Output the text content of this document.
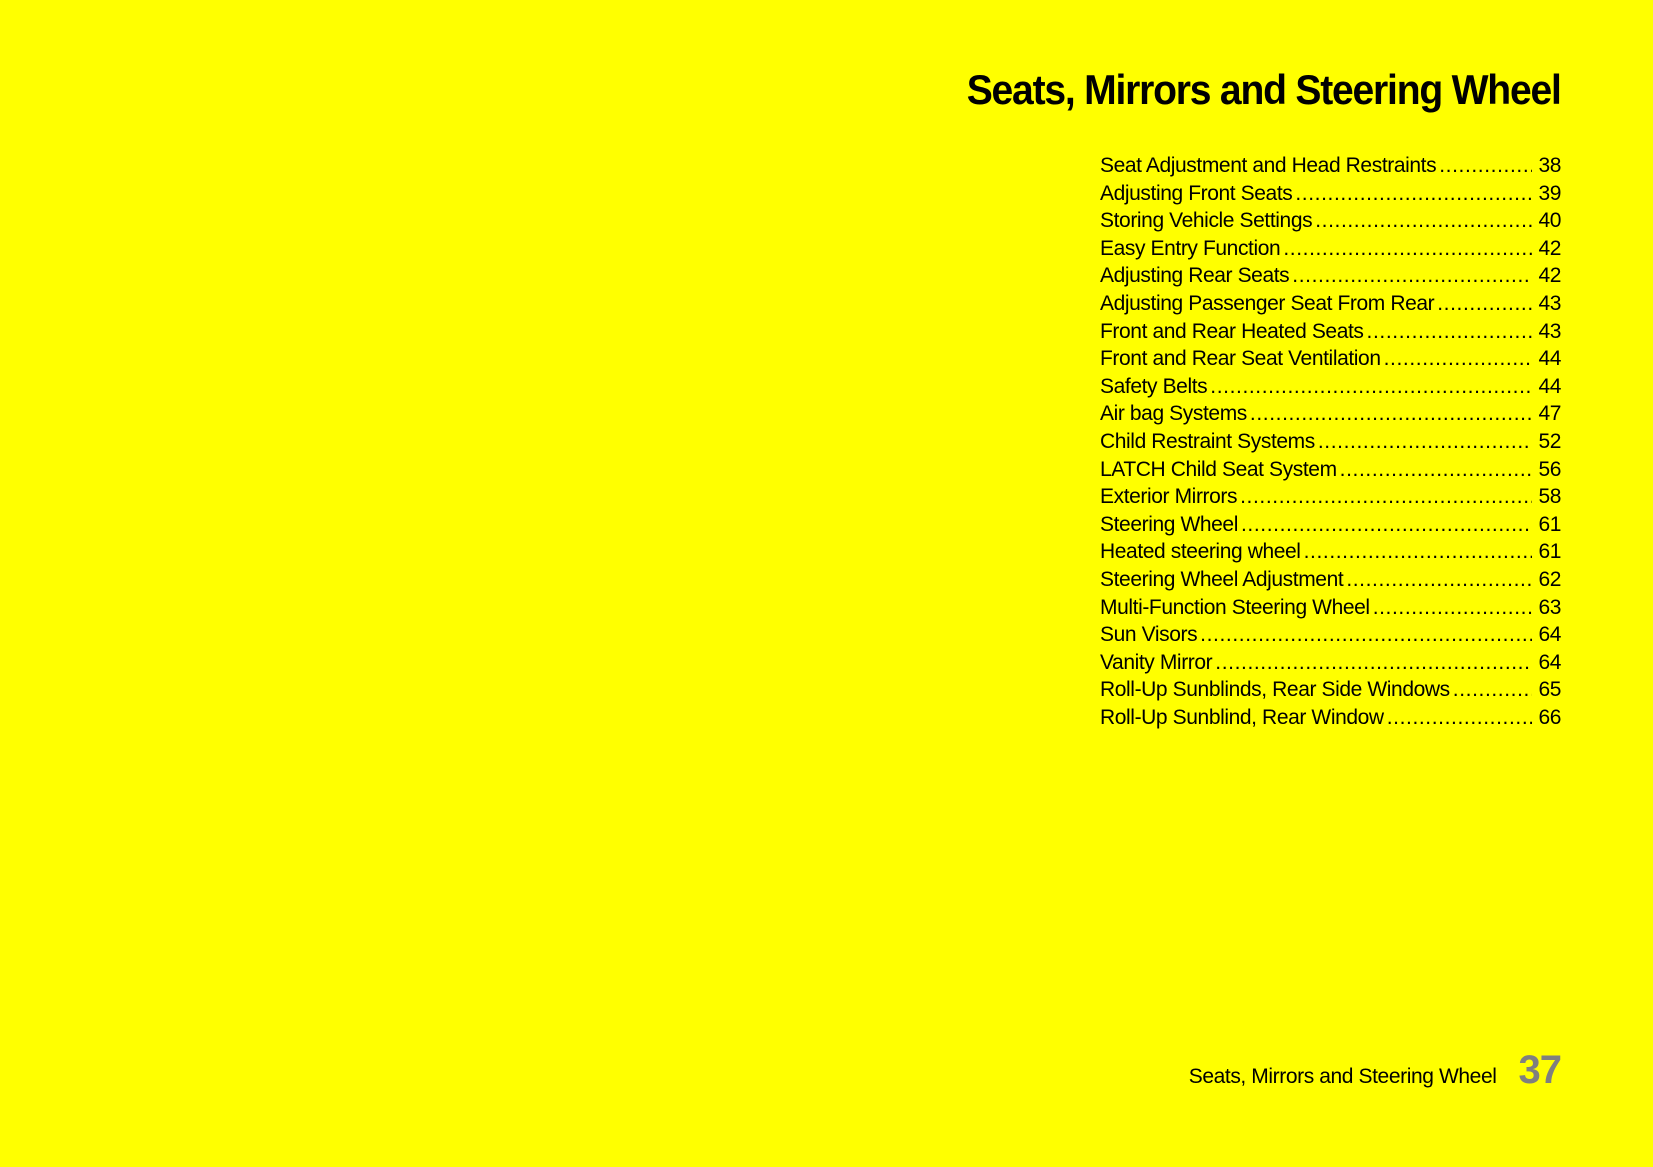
Seats, Mirrors and Steering Wheel
Seat Adjustment and Head Restraints .....	38
Adjusting Front Seats .....	39
Storing Vehicle Settings .....	40
Easy Entry Function .....	42
Adjusting Rear Seats .....	42
Adjusting Passenger Seat From Rear .....	43
Front and Rear Heated Seats .....	43
Front and Rear Seat Ventilation .....	44
Safety Belts .....	44
Air bag Systems .....	47
Child Restraint Systems .....	52
LATCH Child Seat System .....	56
Exterior Mirrors .....	58
Steering Wheel .....	61
Heated steering wheel .....	61
Steering Wheel Adjustment .....	62
Multi-Function Steering Wheel .....	63
Sun Visors .....	64
Vanity Mirror .....	64
Roll-Up Sunblinds, Rear Side Windows .....	65
Roll-Up Sunblind, Rear Window .....	66
Seats, Mirrors and Steering Wheel 37
